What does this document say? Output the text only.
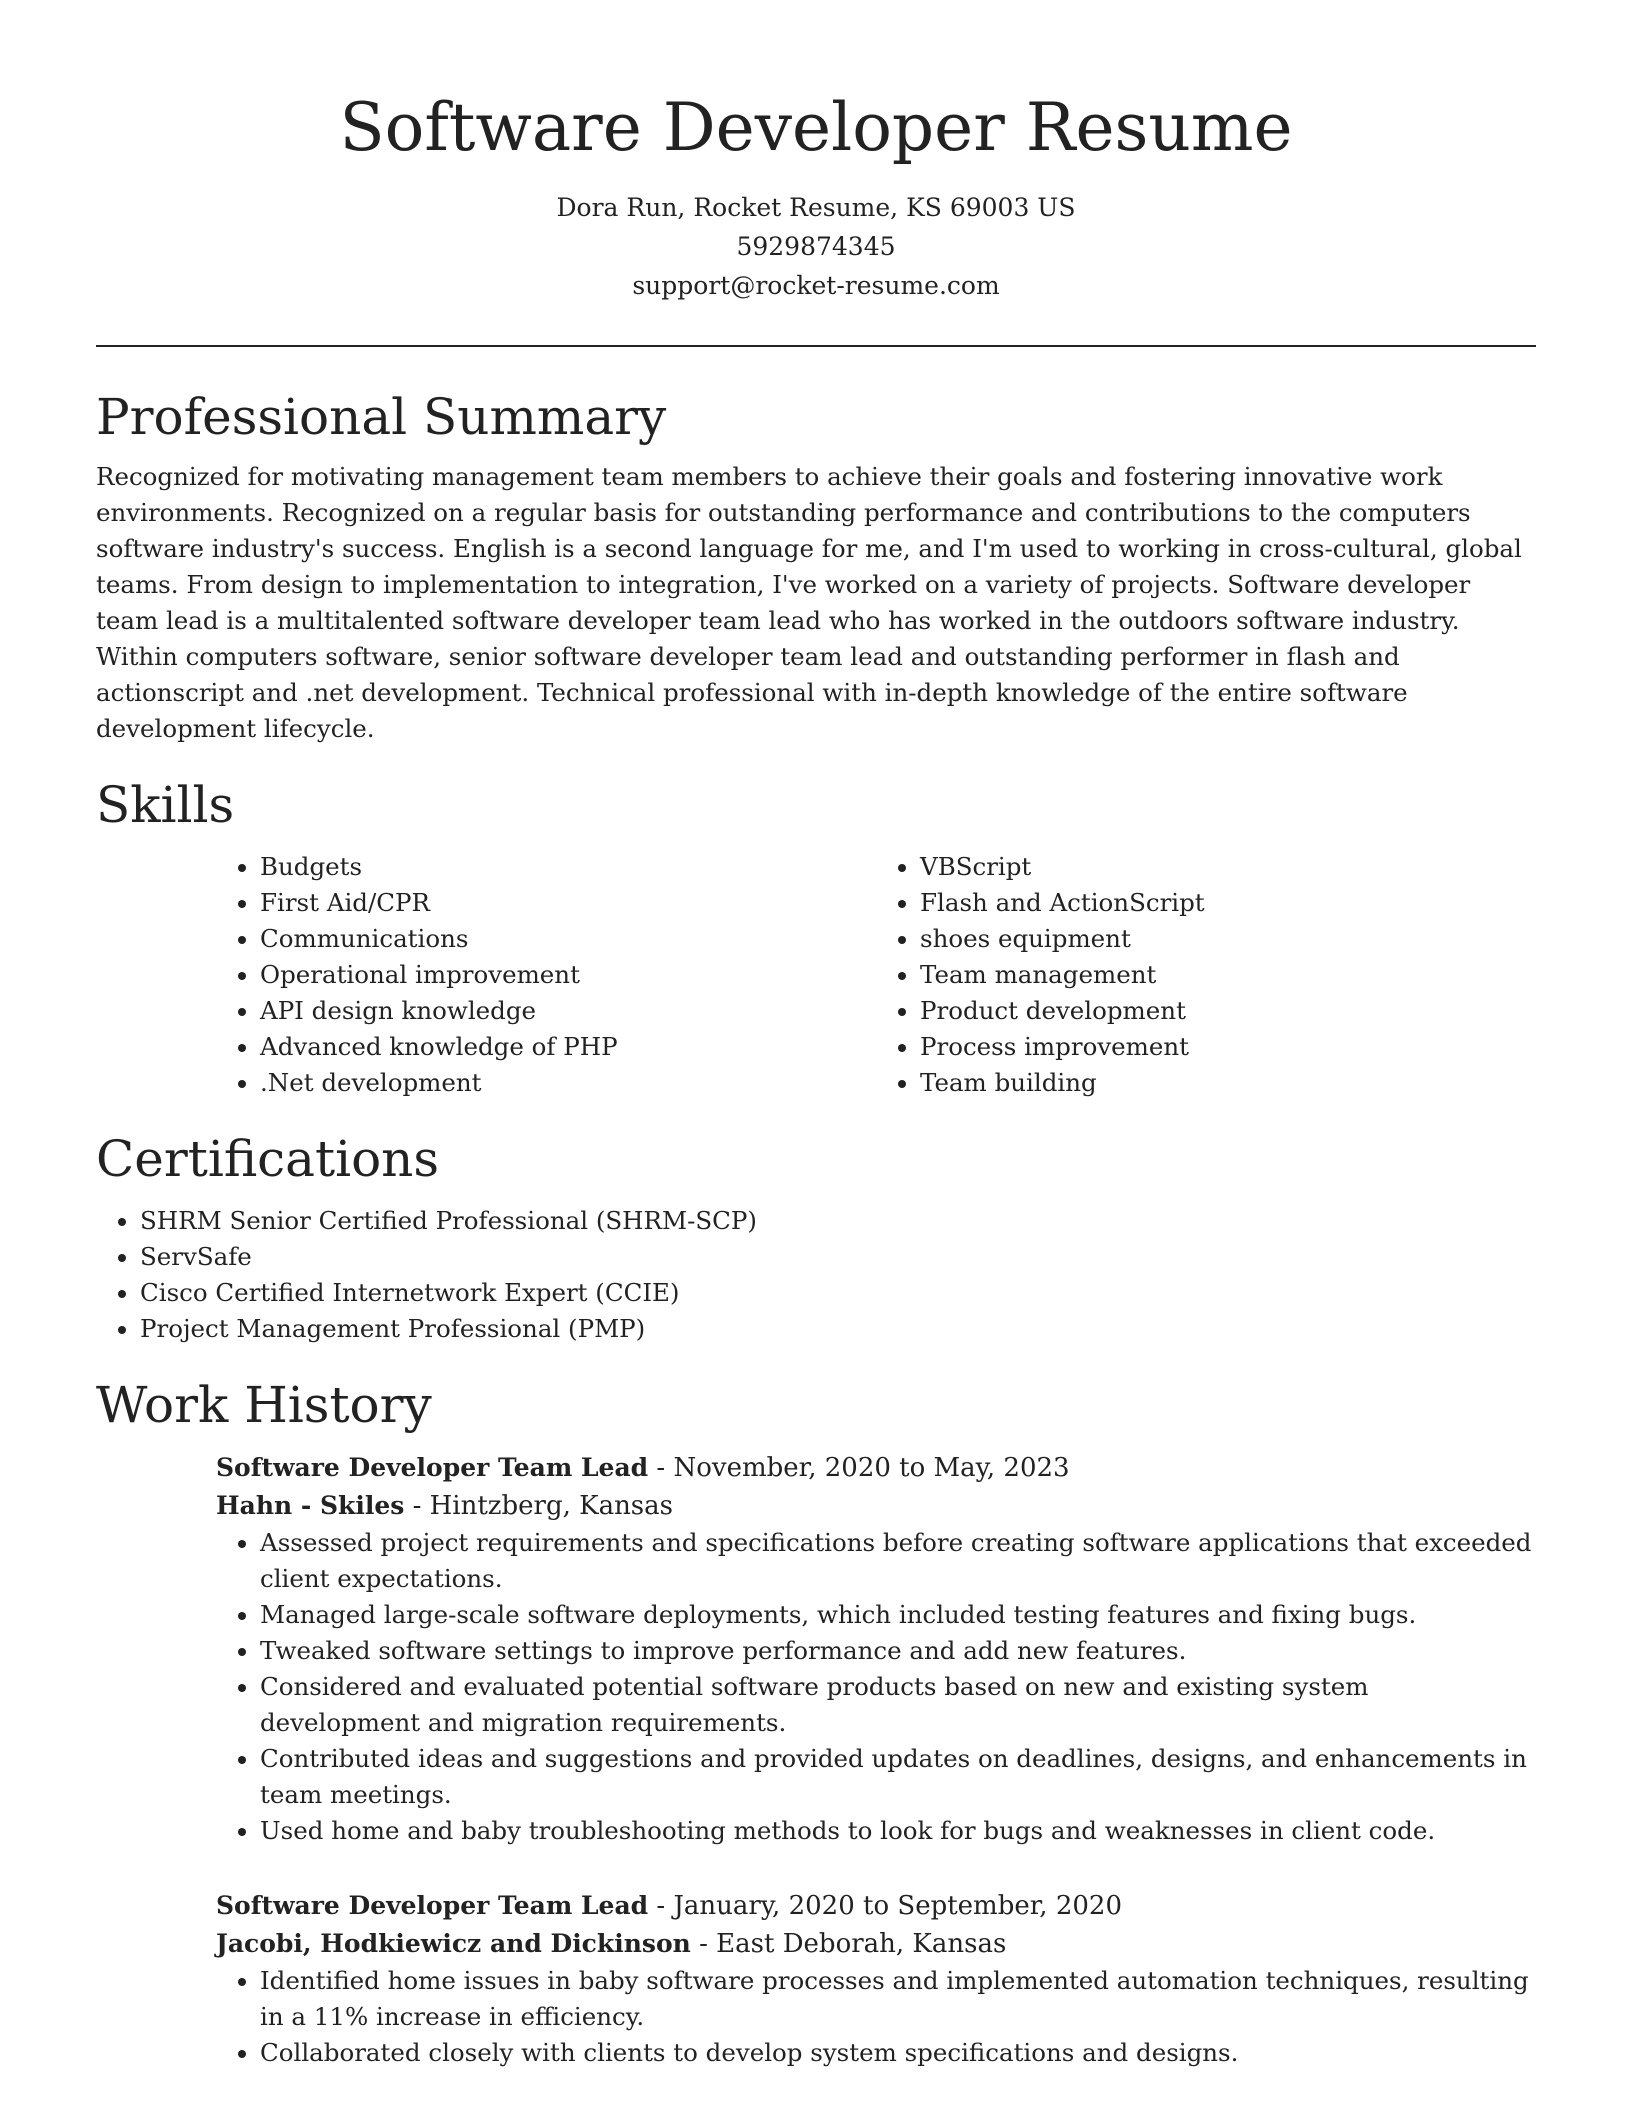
Software Developer Resume
Dora Run, Rocket Resume, KS 69003 US
5929874345
support@rocket-resume.com
Professional Summary

Recognized for motivating management team members to achieve their goals and fostering innovative work environments. Recognized on a regular basis for outstanding performance and contributions to the computers software industry's success. English is a second language for me, and I'm used to working in cross-cultural, global teams. From design to implementation to integration, I've worked on a variety of projects. Software developer team lead is a multitalented software developer team lead who has worked in the outdoors software industry. Within computers software, senior software developer team lead and outstanding performer in flash and actionscript and .net development. Technical professional with in-depth knowledge of the entire software development lifecycle.

Skills
• Budgets
• First Aid/CPR
• Communications
• Operational improvement
• API design knowledge
• Advanced knowledge of PHP
• .Net development
• VBScript
• Flash and ActionScript
• shoes equipment
• Team management
• Product development
• Process improvement
• Team building
Certifications
• SHRM Senior Certified Professional (SHRM-SCP)
• ServSafe
• Cisco Certified Internetwork Expert (CCIE)
• Project Management Professional (PMP)
Work History
Software Developer Team Lead - November, 2020 to May, 2023
Hahn - Skiles - Hintzberg, Kansas
• Assessed project requirements and specifications before creating software applications that exceeded client expectations.
• Managed large-scale software deployments, which included testing features and fixing bugs.
• Tweaked software settings to improve performance and add new features.
• Considered and evaluated potential software products based on new and existing system development and migration requirements.
• Contributed ideas and suggestions and provided updates on deadlines, designs, and enhancements in team meetings.
• Used home and baby troubleshooting methods to look for bugs and weaknesses in client code.
Software Developer Team Lead - January, 2020 to September, 2020
Jacobi, Hodkiewicz and Dickinson - East Deborah, Kansas
• Identified home issues in baby software processes and implemented automation techniques, resulting in a 11% increase in efficiency.
• Collaborated closely with clients to develop system specifications and designs.
